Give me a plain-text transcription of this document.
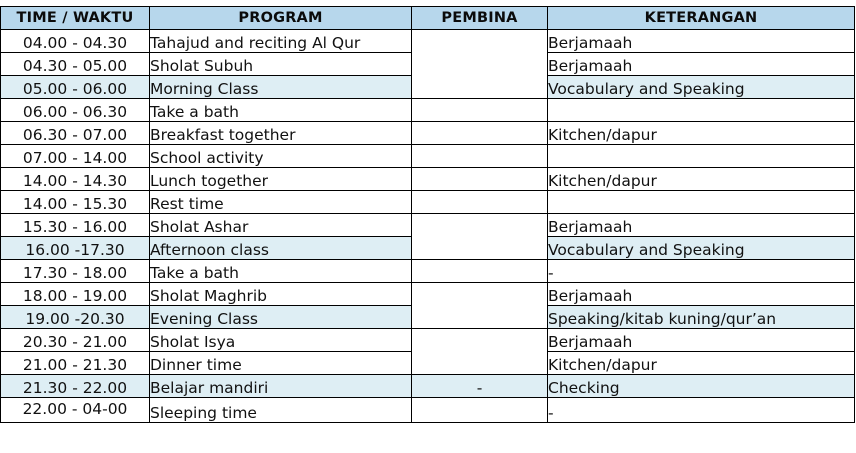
TIME / WAKTU	PROGRAM	PEMBINA	KETERANGAN
04.00 - 04.30	Tahajud and reciting Al Qur		Berjamaah
04.30 - 05.00	Sholat Subuh		Berjamaah
05.00 - 06.00	Morning Class		Vocabulary and Speaking
06.00 - 06.30	Take a bath		
06.30 - 07.00	Breakfast together		Kitchen/dapur
07.00 - 14.00	School activity		
14.00 - 14.30	Lunch together		Kitchen/dapur
14.00 - 15.30	Rest time		
15.30 - 16.00	Sholat Ashar		Berjamaah
16.00 -17.30	Afternoon class		Vocabulary and Speaking
17.30 - 18.00	Take a bath		-
18.00 - 19.00	Sholat Maghrib		Berjamaah
19.00 -20.30	Evening Class		Speaking/kitab kuning/qur’an
20.30 - 21.00	Sholat Isya		Berjamaah
21.00 - 21.30	Dinner time		Kitchen/dapur
21.30 - 22.00	Belajar mandiri	-	Checking
22.00 - 04-00	Sleeping time		-
